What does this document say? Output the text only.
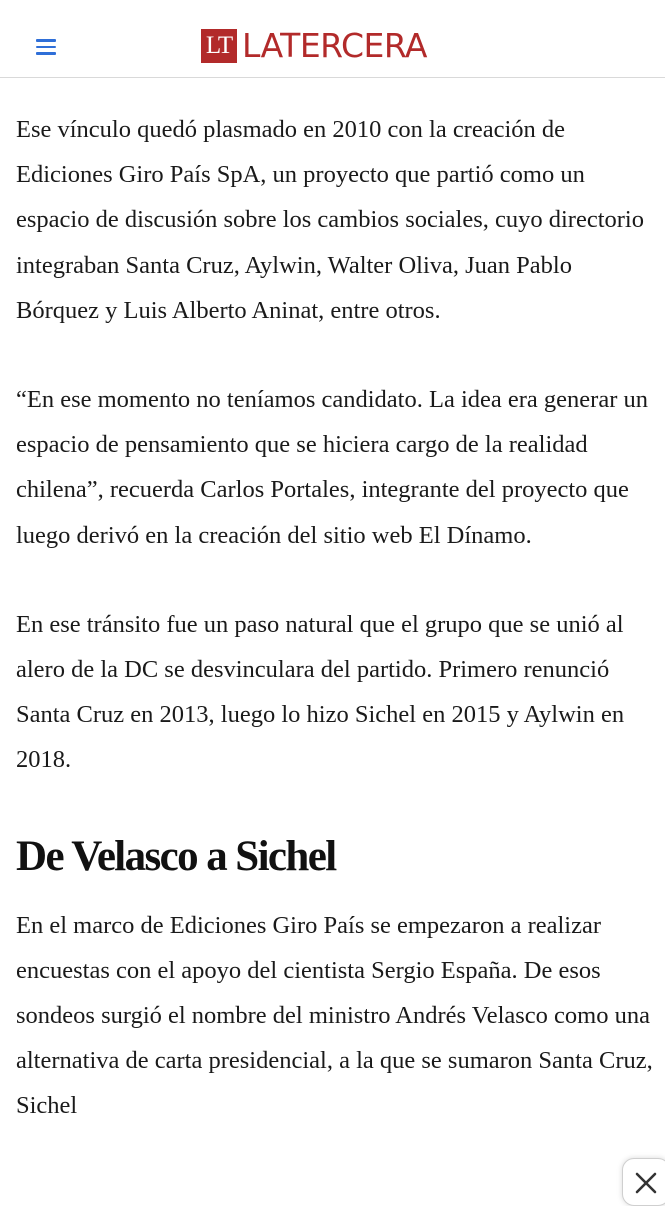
LT LATERCERA

Ese vínculo quedó plasmado en 2010 con la creación de Ediciones Giro País SpA, un proyecto que partió como un espacio de discusión sobre los cambios sociales, cuyo directorio integraban Santa Cruz, Aylwin, Walter Oliva, Juan Pablo Bórquez y Luis Alberto Aninat, entre otros.

“En ese momento no teníamos candidato. La idea era generar un espacio de pensamiento que se hiciera cargo de la realidad chilena”, recuerda Carlos Portales, integrante del proyecto que luego derivó en la creación del sitio web El Dínamo.

En ese tránsito fue un paso natural que el grupo que se unió al alero de la DC se desvinculara del partido. Primero renunció Santa Cruz en 2013, luego lo hizo Sichel en 2015 y Aylwin en 2018.

De Velasco a Sichel

En el marco de Ediciones Giro País se empezaron a realizar encuestas con el apoyo del cientista Sergio España. De esos sondeos surgió el nombre del ministro Andrés Velasco como una alternativa de carta presidencial, a la que se sumaron Santa Cruz, Sichel
